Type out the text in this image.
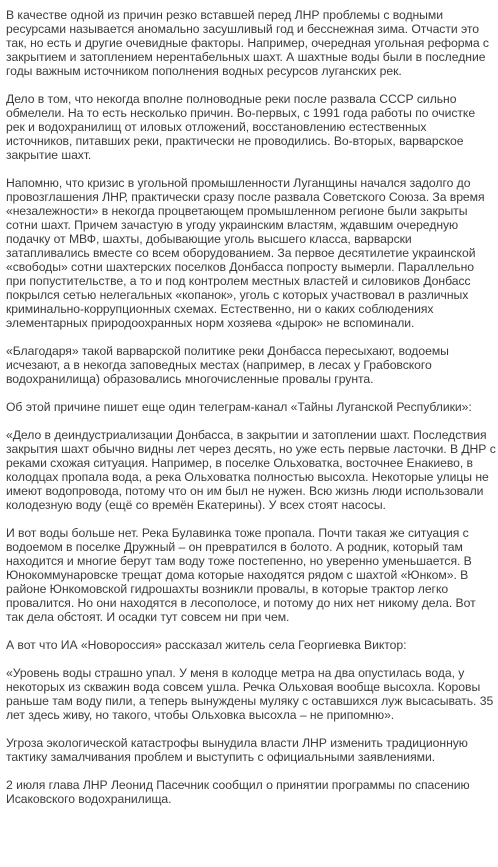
В качестве одной из причин резко вставшей перед ЛНР проблемы с водными ресурсами называется аномально засушливый год и бесснежная зима. Отчасти это так, но есть и другие очевидные факторы. Например, очередная угольная реформа с закрытием и затоплением нерентабельных шахт. А шахтные воды были в последние годы важным источником пополнения водных ресурсов луганских рек.

Дело в том, что некогда вполне полноводные реки после развала СССР сильно обмелели. На то есть несколько причин. Во-первых, с 1991 года работы по очистке рек и водохранилищ от иловых отложений, восстановлению естественных источников, питавших реки, практически не проводились. Во-вторых, варварское закрытие шахт.

Напомню, что кризис в угольной промышленности Луганщины начался задолго до провозглашения ЛНР, практически сразу после развала Советского Союза. За время «незалежности» в некогда процветающем промышленном регионе были закрыты сотни шахт. Причем зачастую в угоду украинским властям, ждавшим очередную подачку от МВФ, шахты, добывающие уголь высшего класса, варварски затапливались вместе со всем оборудованием. За первое десятилетие украинской «свободы» сотни шахтерских поселков Донбасса попросту вымерли. Параллельно при попустительстве, а то и под контролем местных властей и силовиков Донбасс покрылся сетью нелегальных «копанок», уголь с которых участвовал в различных криминально-коррупционных схемах. Естественно, ни о каких соблюдениях элементарных природоохранных норм хозяева «дырок» не вспоминали.

«Благодаря» такой варварской политике реки Донбасса пересыхают, водоемы исчезают, а в некогда заповедных местах (например, в лесах у Грабовского водохранилища) образовались многочисленные провалы грунта.

Об этой причине пишет еще один телеграм-канал «Тайны Луганской Республики»:

«Дело в деиндустриализации Донбасса, в закрытии и затоплении шахт. Последствия закрытия шахт обычно видны лет через десять, но уже есть первые ласточки. В ДНР с реками схожая ситуация. Например, в поселке Ольховатка, восточнее Енакиево, в колодцах пропала вода, а река Ольховатка полностью высохла. Некоторые улицы не имеют водопровода, потому что он им был не нужен. Всю жизнь люди использовали колодезную воду (ещё со времён Екатерины). У всех стоят насосы.

И вот воды больше нет. Река Булавинка тоже пропала. Почти такая же ситуация с водоемом в поселке Дружный – он превратился в болото. А родник, который там находится и многие берут там воду тоже постепенно, но уверенно уменьшается. В Юнокоммунаровске трещат дома которые находятся рядом с шахтой «Юнком». В районе Юнкомовской гидрошахты возникли провалы, в которые трактор легко провалится. Но они находятся в лесополосе, и потому до них нет никому дела. Вот так дела обстоят. И осадки тут совсем ни при чем.

А вот что ИА «Новороссия» рассказал житель села Георгиевка Виктор:

«Уровень воды страшно упал. У меня в колодце метра на два опустилась вода, у некоторых из скважин вода совсем ушла. Речка Ольховая вообще высохла. Коровы раньше там воду пили, а теперь вынуждены муляку с оставшихся луж высасывать. 35 лет здесь живу, но такого, чтобы Ольховка высохла – не припомню».

Угроза экологической катастрофы вынудила власти ЛНР изменить традиционную тактику замалчивания проблем и выступить с официальными заявлениями.

2 июля глава ЛНР Леонид Пасечник сообщил о принятии программы по спасению Исаковского водохранилища.
